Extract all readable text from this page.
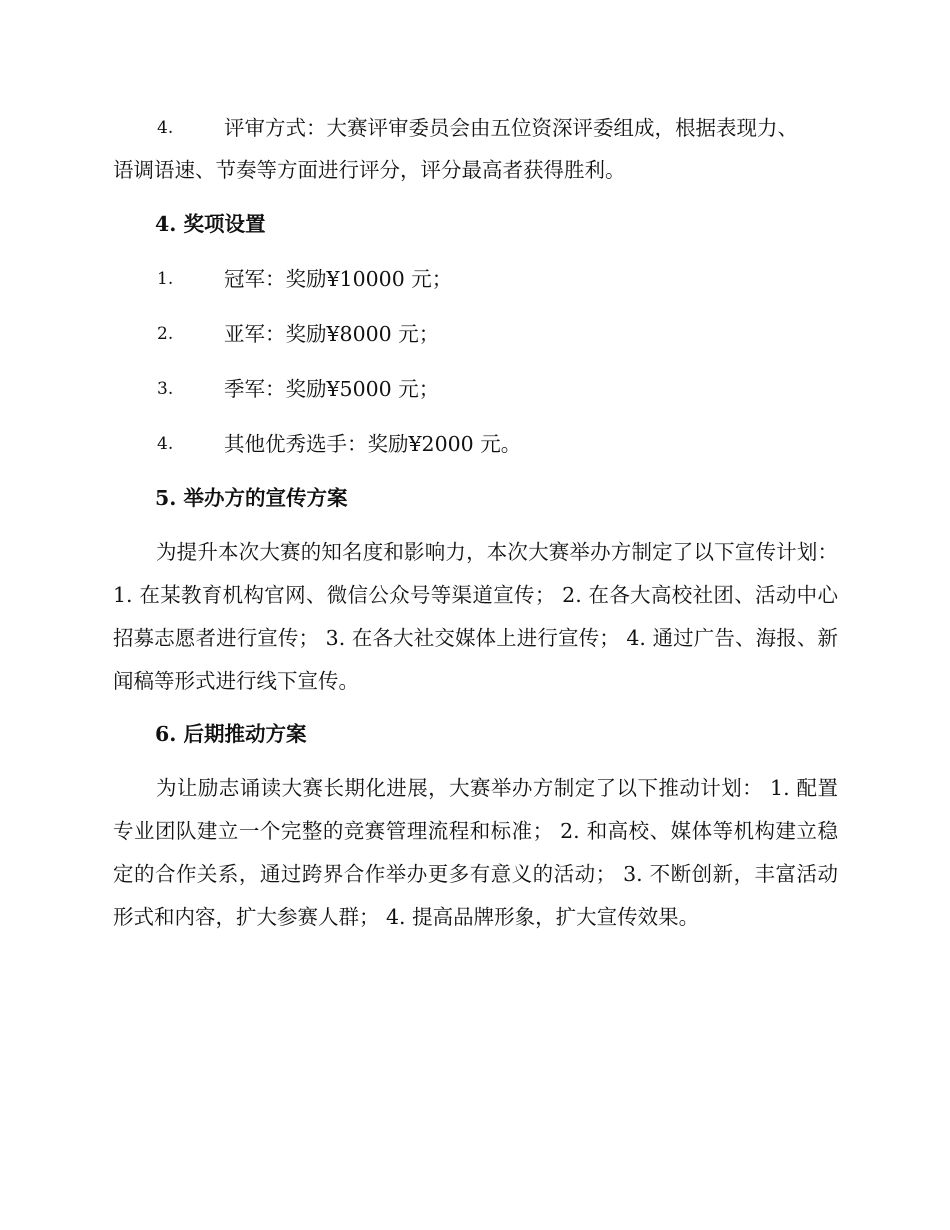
4. 评审方式：大赛评审委员会由五位资深评委组成，根据表现力、
语调语速、节奏等方面进行评分，评分最高者获得胜利。
4. 奖项设置
1. 冠军：奖励¥10000 元；
2. 亚军：奖励¥8000 元；
3. 季军：奖励¥5000 元；
4. 其他优秀选手：奖励¥2000 元。
5. 举办方的宣传方案
为提升本次大赛的知名度和影响力，本次大赛举办方制定了以下宣传计划： 1. 在某教育机构官网、微信公众号等渠道宣传； 2. 在各大高校社团、活动中心招募志愿者进行宣传； 3. 在各大社交媒体上进行宣传； 4. 通过广告、海报、新闻稿等形式进行线下宣传。
6. 后期推动方案
为让励志诵读大赛长期化进展，大赛举办方制定了以下推动计划： 1. 配置专业团队建立一个完整的竞赛管理流程和标准； 2. 和高校、媒体等机构建立稳定的合作关系，通过跨界合作举办更多有意义的活动； 3. 不断创新，丰富活动形式和内容，扩大参赛人群； 4. 提高品牌形象，扩大宣传效果。
